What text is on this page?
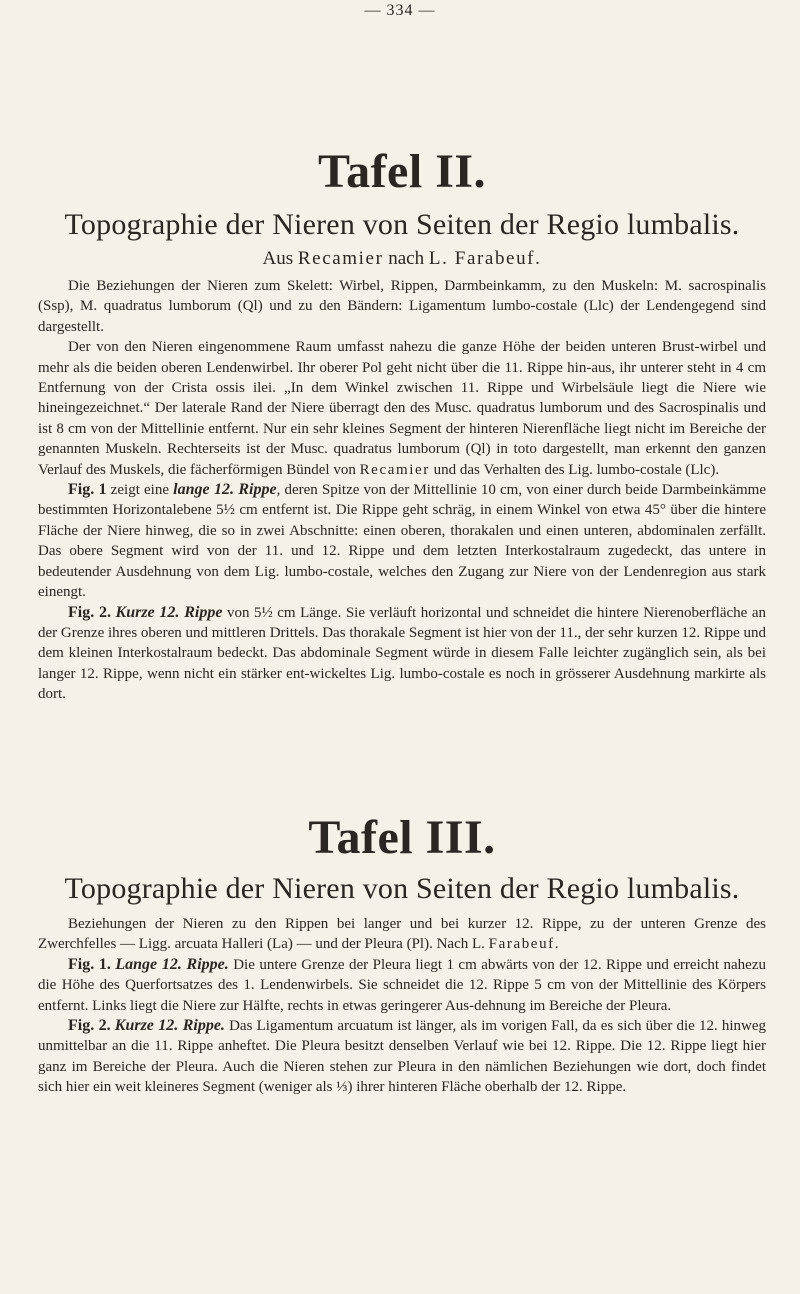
— 334 —
Tafel II.
Topographie der Nieren von Seiten der Regio lumbalis.
Aus Recamier nach L. Farabeuf.

Die Beziehungen der Nieren zum Skelett: Wirbel, Rippen, Darmbeinkamm, zu den Muskeln: M. sacrospinalis (Ssp), M. quadratus lumborum (Ql) und zu den Bändern: Ligamentum lumbo-costale (Llc) der Lendengegend sind dargestellt.

Der von den Nieren eingenommene Raum umfasst nahezu die ganze Höhe der beiden unteren Brust-wirbel und mehr als die beiden oberen Lendenwirbel. Ihr oberer Pol geht nicht über die 11. Rippe hin-aus, ihr unterer steht in 4 cm Entfernung von der Crista ossis ilei. „In dem Winkel zwischen 11. Rippe und Wirbelsäule liegt die Niere wie hineingezeichnet.“ Der laterale Rand der Niere überragt den des Musc. quadratus lumborum und des Sacrospinalis und ist 8 cm von der Mittellinie entfernt. Nur ein sehr kleines Segment der hinteren Nierenfläche liegt nicht im Bereiche der genannten Muskeln. Rechterseits ist der Musc. quadratus lumborum (Ql) in toto dargestellt, man erkennt den ganzen Verlauf des Muskels, die fächerförmigen Bündel von Recamier und das Verhalten des Lig. lumbo-costale (Llc).

Fig. 1 zeigt eine lange 12. Rippe, deren Spitze von der Mittellinie 10 cm, von einer durch beide Darmbeinkämme bestimmten Horizontalebene 5½ cm entfernt ist. Die Rippe geht schräg, in einem Winkel von etwa 45° über die hintere Fläche der Niere hinweg, die so in zwei Abschnitte: einen oberen, thorakalen und einen unteren, abdominalen zerfällt. Das obere Segment wird von der 11. und 12. Rippe und dem letzten Interkostalraum zugedeckt, das untere in bedeutender Ausdehnung von dem Lig. lumbo-costale, welches den Zugang zur Niere von der Lendenregion aus stark einengt.

Fig. 2. Kurze 12. Rippe von 5½ cm Länge. Sie verläuft horizontal und schneidet die hintere Nierenoberfläche an der Grenze ihres oberen und mittleren Drittels. Das thorakale Segment ist hier von der 11., der sehr kurzen 12. Rippe und dem kleinen Interkostalraum bedeckt. Das abdominale Segment würde in diesem Falle leichter zugänglich sein, als bei langer 12. Rippe, wenn nicht ein stärker ent-wickeltes Lig. lumbo-costale es noch in grösserer Ausdehnung markirte als dort.

Tafel III.
Topographie der Nieren von Seiten der Regio lumbalis.

Beziehungen der Nieren zu den Rippen bei langer und bei kurzer 12. Rippe, zu der unteren Grenze des Zwerchfelles — Ligg. arcuata Halleri (La) — und der Pleura (Pl). Nach L. Farabeuf.

Fig. 1. Lange 12. Rippe. Die untere Grenze der Pleura liegt 1 cm abwärts von der 12. Rippe und erreicht nahezu die Höhe des Querfortsatzes des 1. Lendenwirbels. Sie schneidet die 12. Rippe 5 cm von der Mittellinie des Körpers entfernt. Links liegt die Niere zur Hälfte, rechts in etwas geringerer Aus-dehnung im Bereiche der Pleura.

Fig. 2. Kurze 12. Rippe. Das Ligamentum arcuatum ist länger, als im vorigen Fall, da es sich über die 12. hinweg unmittelbar an die 11. Rippe anheftet. Die Pleura besitzt denselben Verlauf wie bei 12. Rippe. Die 12. Rippe liegt hier ganz im Bereiche der Pleura. Auch die Nieren stehen zur Pleura in den nämlichen Beziehungen wie dort, doch findet sich hier ein weit kleineres Segment (weniger als ⅓) ihrer hinteren Fläche oberhalb der 12. Rippe.
